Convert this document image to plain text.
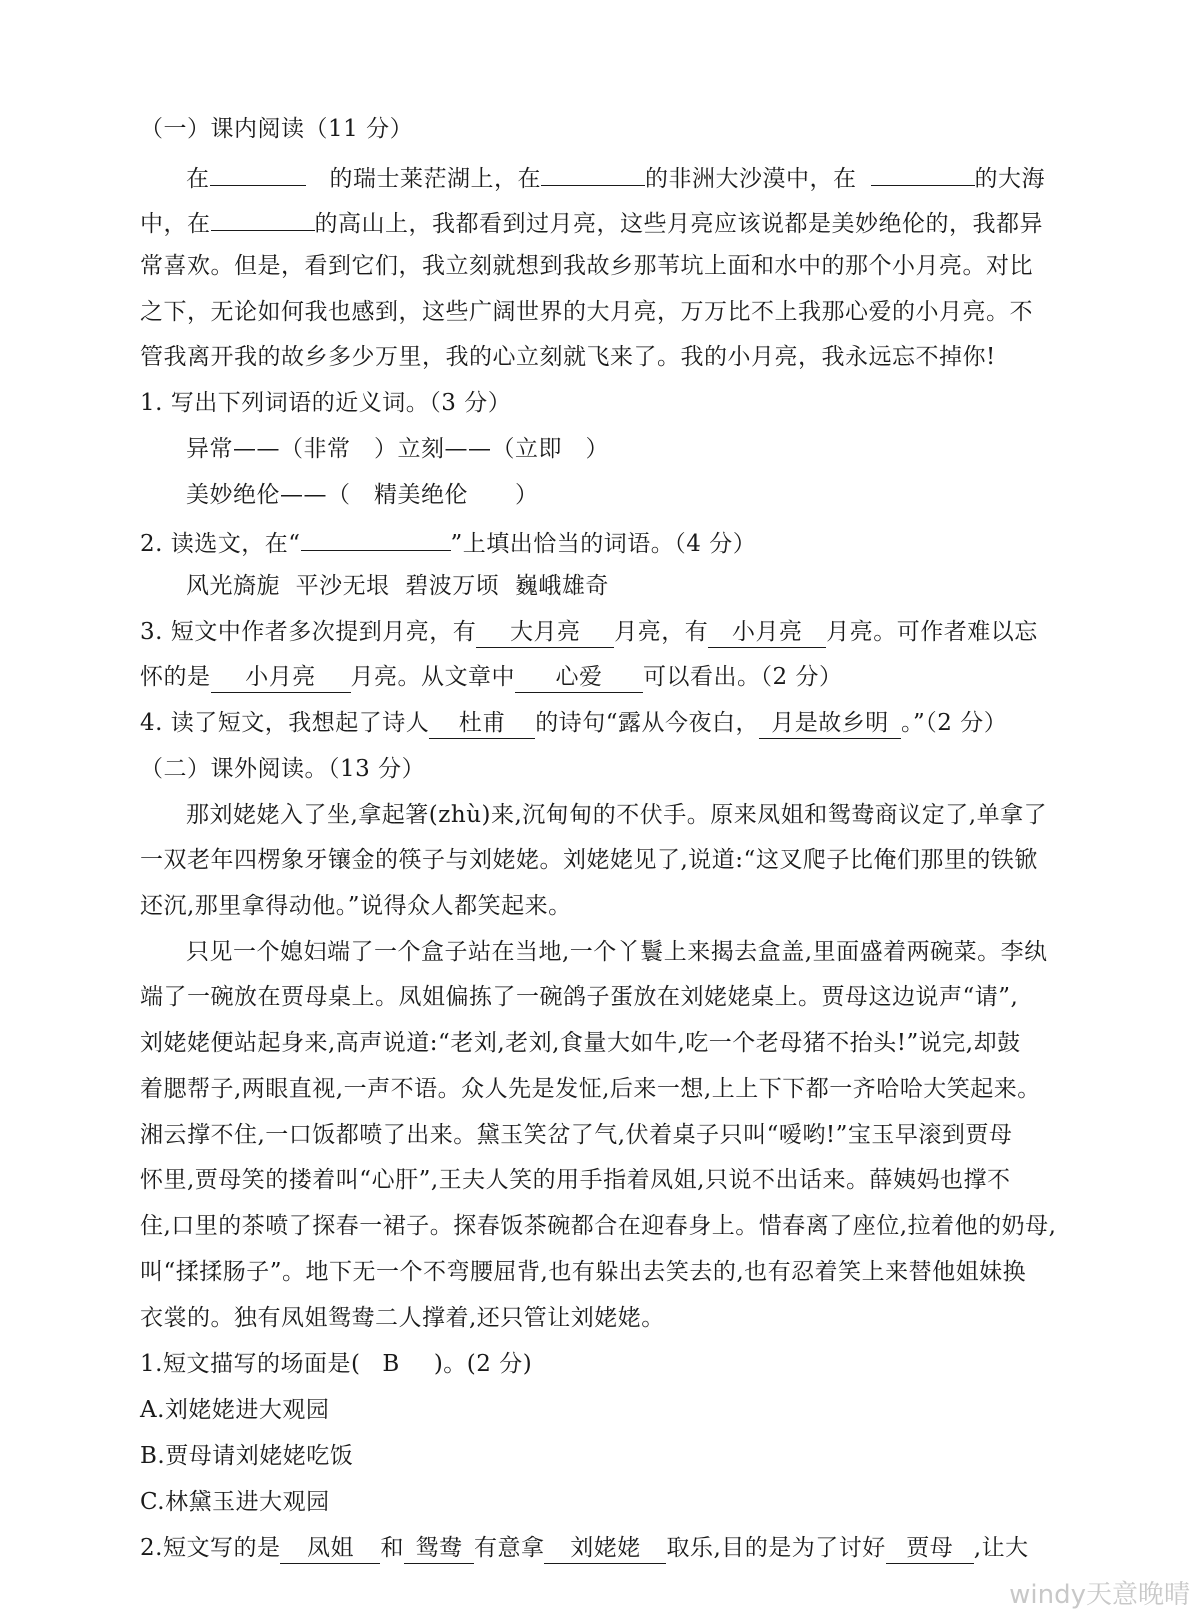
（一）课内阅读（11 分）
在	的瑞士莱茫湖上，在	的非洲大沙漠中，在	的大海
中，在	的高山上，我都看到过月亮，这些月亮应该说都是美妙绝伦的，我都异
常喜欢。但是，看到它们，我立刻就想到我故乡那苇坑上面和水中的那个小月亮。对比
之下，无论如何我也感到，这些广阔世界的大月亮，万万比不上我那心爱的小月亮。不
管我离开我的故乡多少万里，我的心立刻就飞来了。我的小月亮，我永远忘不掉你!
1. 写出下列词语的近义词。（3 分）
异常——（非常　）立刻——（立即　）
美妙绝伦——（　精美绝伦　　）
2. 读选文，在“	”上填出恰当的词语。（4 分）
风光旖旎  平沙无垠  碧波万顷  巍峨雄奇
3. 短文中作者多次提到月亮，有 大月亮 月亮，有 小月亮 月亮。可作者难以忘
怀的是 小月亮 月亮。从文章中 心爱 可以看出。（2 分）
4. 读了短文，我想起了诗人 杜甫 的诗句“露从今夜白， 月是故乡明 。”（2 分）
（二）课外阅读。（13 分）
那刘姥姥入了坐,拿起箸(zhù)来,沉甸甸的不伏手。原来凤姐和鸳鸯商议定了,单拿了
一双老年四楞象牙镶金的筷子与刘姥姥。刘姥姥见了,说道:“这叉爬子比俺们那里的铁锨
还沉,那里拿得动他。”说得众人都笑起来。
只见一个媳妇端了一个盒子站在当地,一个丫鬟上来揭去盒盖,里面盛着两碗菜。李纨
端了一碗放在贾母桌上。凤姐偏拣了一碗鸽子蛋放在刘姥姥桌上。贾母这边说声“请”,
刘姥姥便站起身来,高声说道:“老刘,老刘,食量大如牛,吃一个老母猪不抬头!”说完,却鼓
着腮帮子,两眼直视,一声不语。众人先是发怔,后来一想,上上下下都一齐哈哈大笑起来。
湘云撑不住,一口饭都喷了出来。黛玉笑岔了气,伏着桌子只叫“嗳哟!”宝玉早滚到贾母
怀里,贾母笑的搂着叫“心肝”,王夫人笑的用手指着凤姐,只说不出话来。薛姨妈也撑不
住,口里的茶喷了探春一裙子。探春饭茶碗都合在迎春身上。惜春离了座位,拉着他的奶母,
叫“揉揉肠子”。地下无一个不弯腰屈背,也有躲出去笑去的,也有忍着笑上来替他姐妹换
衣裳的。独有凤姐鸳鸯二人撑着,还只管让刘姥姥。
1.短文描写的场面是( B )。(2 分)
A.刘姥姥进大观园
B.贾母请刘姥姥吃饭
C.林黛玉进大观园
2.短文写的是 凤姐 和 鸳鸯 有意拿 刘姥姥 取乐,目的是为了讨好 贾母 ,让大
windy天意晚晴
